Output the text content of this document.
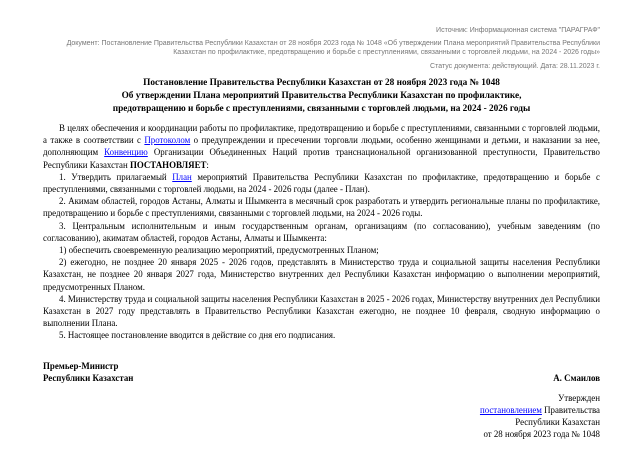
Источник: Информационная система "ПАРАГРАФ"
Документ: Постановление Правительства Республики Казахстан от 28 ноября 2023 года № 1048 «Об утверждении Плана мероприятий Правительства Республики Казахстан по профилактике, предотвращению и борьбе с преступлениями, связанными с торговлей людьми, на 2024 - 2026 годы»
Статус документа: действующий. Дата: 28.11.2023 г.
Постановление Правительства Республики Казахстан от 28 ноября 2023 года № 1048
Об утверждении Плана мероприятий Правительства Республики Казахстан по профилактике,
предотвращению и борьбе с преступлениями, связанными с торговлей людьми, на 2024 - 2026 годы

В целях обеспечения и координации работы по профилактике, предотвращению и борьбе с преступлениями, связанными с торговлей людьми, а также в соответствии с Протоколом о предупреждении и пресечении торговли людьми, особенно женщинами и детьми, и наказании за нее, дополняющим Конвенцию Организации Объединенных Наций против транснациональной организованной преступности, Правительство Республики Казахстан ПОСТАНОВЛЯЕТ:

1. Утвердить прилагаемый План мероприятий Правительства Республики Казахстан по профилактике, предотвращению и борьбе с преступлениями, связанными с торговлей людьми, на 2024 - 2026 годы (далее - План).

2. Акимам областей, городов Астаны, Алматы и Шымкента в месячный срок разработать и утвердить региональные планы по профилактике, предотвращению и борьбе с преступлениями, связанными с торговлей людьми, на 2024 - 2026 годы.

3. Центральным исполнительным и иным государственным органам, организациям (по согласованию), учебным заведениям (по согласованию), акиматам областей, городов Астаны, Алматы и Шымкента:

1) обеспечить своевременную реализацию мероприятий, предусмотренных Планом;

2) ежегодно, не позднее 20 января 2025 - 2026 годов, представлять в Министерство труда и социальной защиты населения Республики Казахстан, не позднее 20 января 2027 года, Министерство внутренних дел Республики Казахстан информацию о выполнении мероприятий, предусмотренных Планом.

4. Министерству труда и социальной защиты населения Республики Казахстан в 2025 - 2026 годах, Министерству внутренних дел Республики Казахстан в 2027 году представлять в Правительство Республики Казахстан ежегодно, не позднее 10 февраля, сводную информацию о выполнении Плана.

5. Настоящее постановление вводится в действие со дня его подписания.

Премьер-Министр
Республики Казахстан	А. Смаилов
Утвержден
постановлением Правительства
Республики Казахстан
от 28 ноября 2023 года № 1048
